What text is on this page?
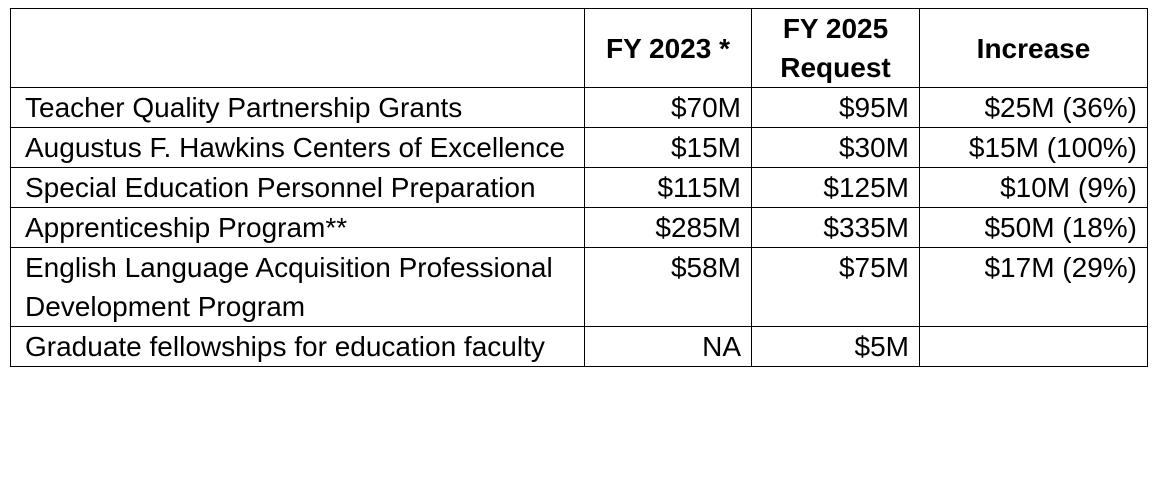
	FY 2023 *	FY 2025 Request	Increase
Teacher Quality Partnership Grants	$70M	$95M	$25M (36%)
Augustus F. Hawkins Centers of Excellence	$15M	$30M	$15M (100%)
Special Education Personnel Preparation	$115M	$125M	$10M (9%)
Apprenticeship Program**	$285M	$335M	$50M (18%)
English Language Acquisition Professional Development Program	$58M	$75M	$17M (29%)
Graduate fellowships for education faculty	NA	$5M	
